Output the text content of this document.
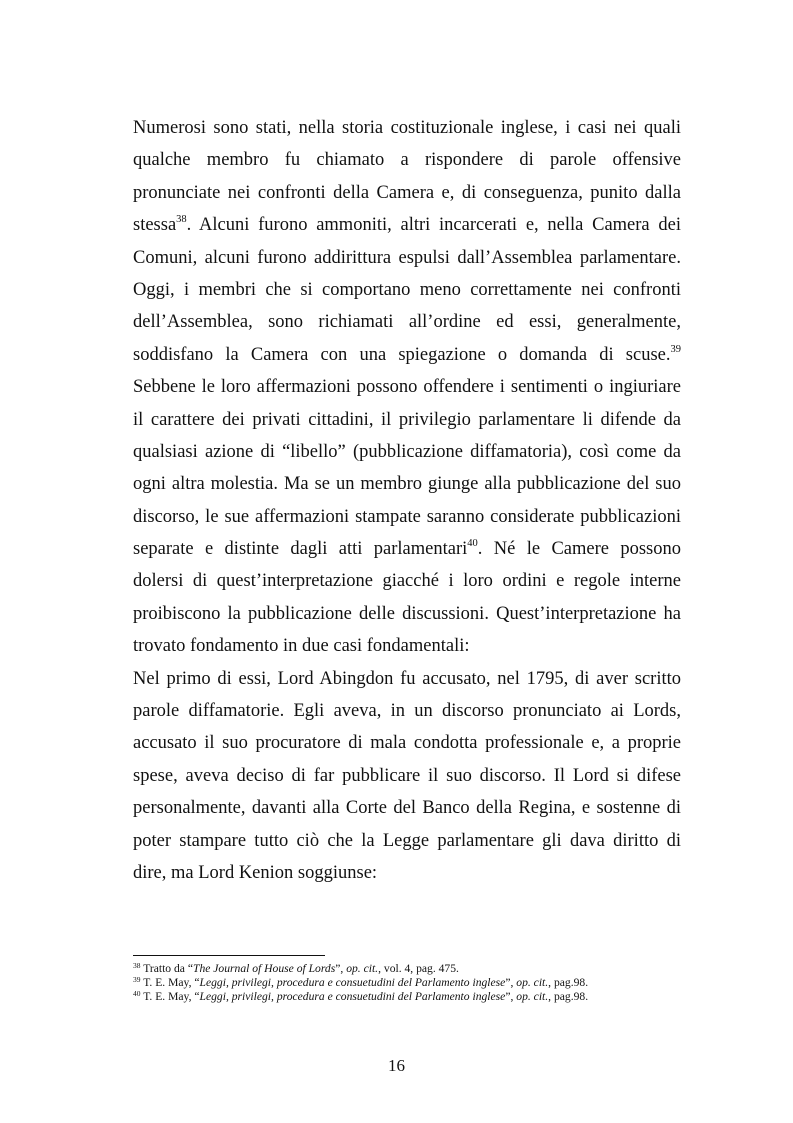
Numerosi sono stati, nella storia costituzionale inglese, i casi nei quali
qualche membro fu chiamato a rispondere di parole offensive
pronunciate nei confronti della Camera e, di conseguenza, punito dalla
stessa$^{38}$. Alcuni furono ammoniti, altri incarcerati e, nella Camera dei
Comuni, alcuni furono addirittura espulsi dall’Assemblea parlamentare.
Oggi, i membri che si comportano meno correttamente nei confronti
dell’Assemblea, sono richiamati all’ordine ed essi, generalmente,
soddisfano la Camera con una spiegazione o domanda di scuse.$^{39}$
Sebbene le loro affermazioni possono offendere i sentimenti o ingiuriare
il carattere dei privati cittadini, il privilegio parlamentare li difende da
qualsiasi azione di “libello” (pubblicazione diffamatoria), così come da
ogni altra molestia. Ma se un membro giunge alla pubblicazione del suo
discorso, le sue affermazioni stampate saranno considerate pubblicazioni
separate e distinte dagli atti parlamentari$^{40}$. Né le Camere possono
dolersi di quest’interpretazione giacché i loro ordini e regole interne
proibiscono la pubblicazione delle discussioni. Quest’interpretazione ha
trovato fondamento in due casi fondamentali:
Nel primo di essi, Lord Abingdon fu accusato, nel 1795, di aver scritto
parole diffamatorie. Egli aveva, in un discorso pronunciato ai Lords,
accusato il suo procuratore di mala condotta professionale e, a proprie
spese, aveva deciso di far pubblicare il suo discorso. Il Lord si difese
personalmente, davanti alla Corte del Banco della Regina, e sostenne di
poter stampare tutto ciò che la Legge parlamentare gli dava diritto di
dire, ma Lord Kenion soggiunse:
$^{38}$ Tratto da “The Journal of House of Lords”, op. cit., vol. 4, pag. 475.
$^{39}$ T. E. May, “Leggi, privilegi, procedura e consuetudini del Parlamento inglese”, op. cit., pag.98.
$^{40}$ T. E. May, “Leggi, privilegi, procedura e consuetudini del Parlamento inglese”, op. cit., pag.98.
16
